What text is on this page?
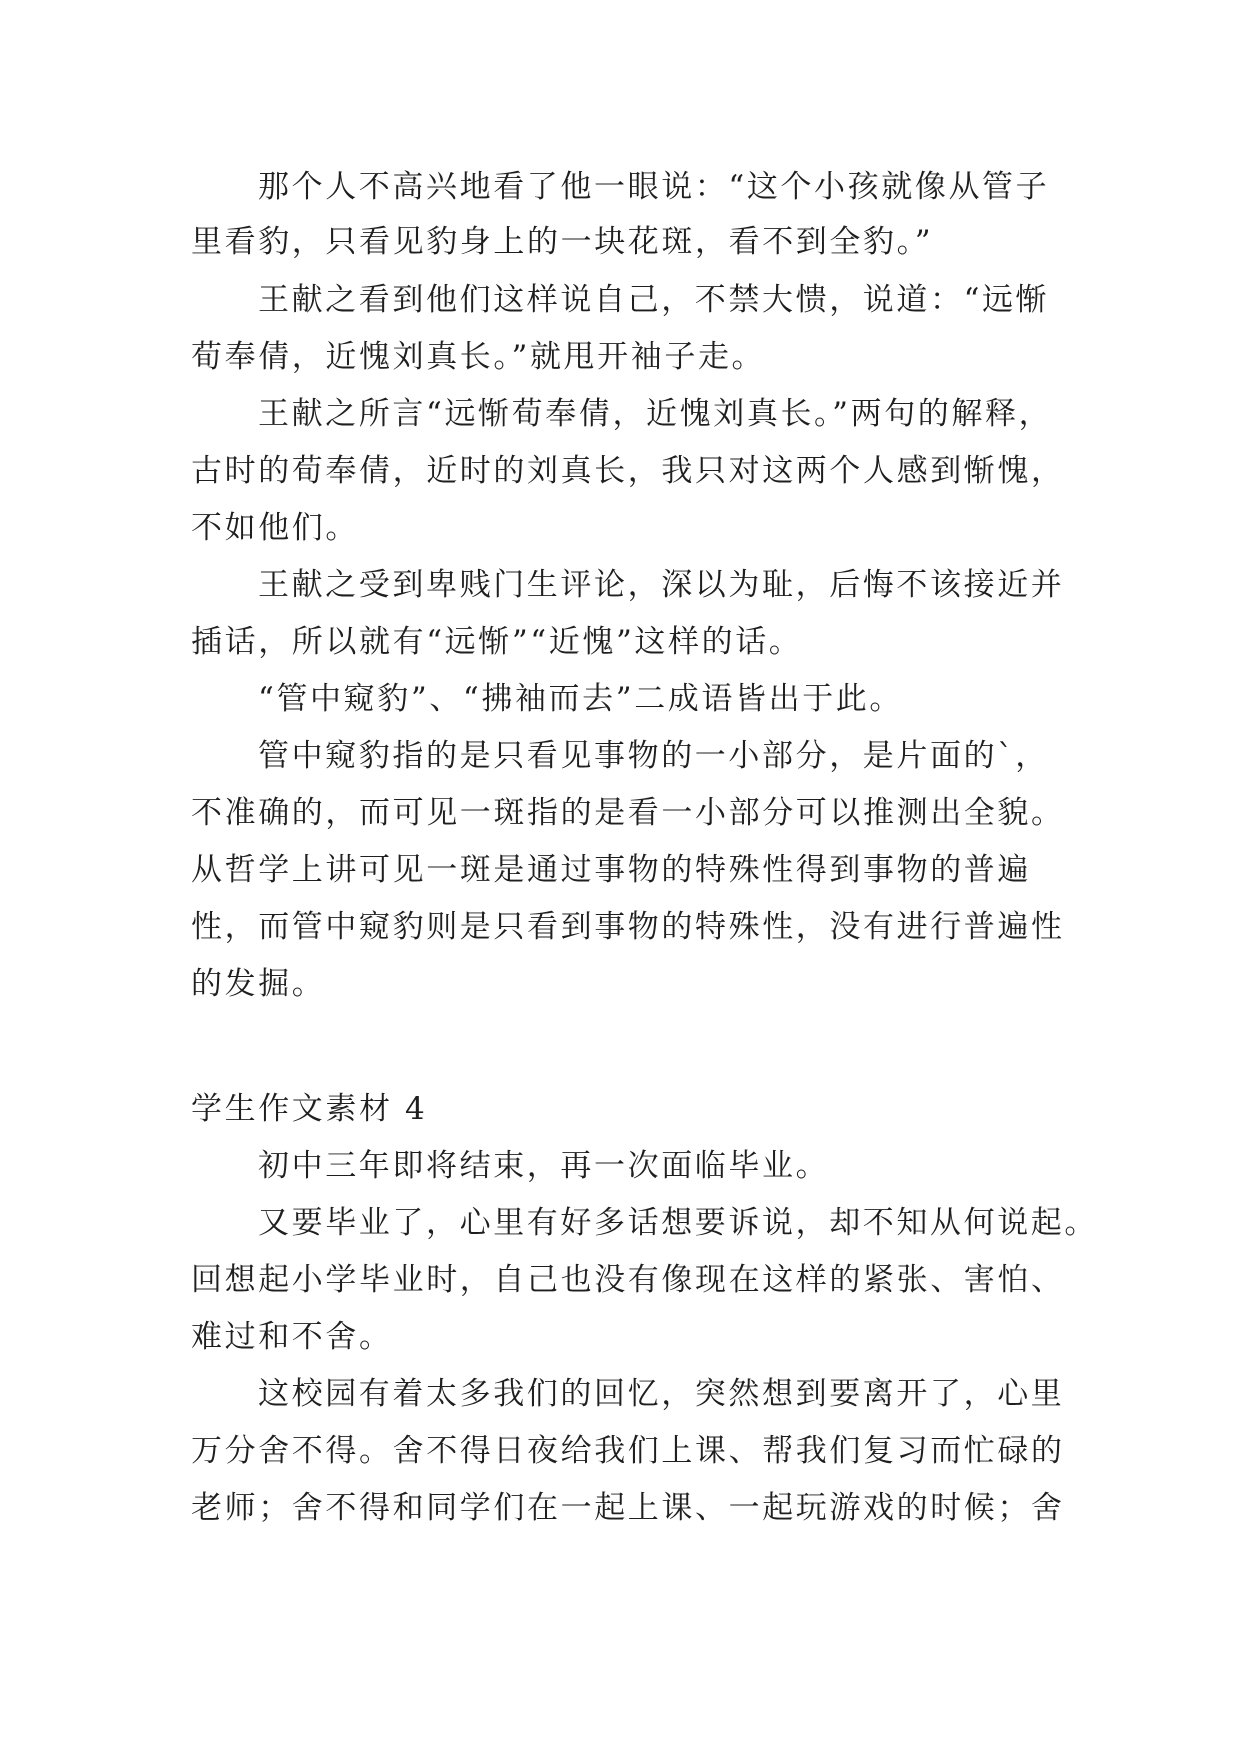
那个人不高兴地看了他一眼说：“这个小孩就像从管子
里看豹，只看见豹身上的一块花斑，看不到全豹。”
王献之看到他们这样说自己，不禁大愦，说道：“远惭
荀奉倩，近愧刘真长。”就甩开袖子走。
王献之所言“远惭荀奉倩，近愧刘真长。”两句的解释，
古时的荀奉倩，近时的刘真长，我只对这两个人感到惭愧，
不如他们。
王献之受到卑贱门生评论，深以为耻，后悔不该接近并
插话，所以就有“远惭”“近愧”这样的话。
“管中窥豹”、“拂袖而去”二成语皆出于此。
管中窥豹指的是只看见事物的一小部分，是片面的`，
不准确的，而可见一斑指的是看一小部分可以推测出全貌。
从哲学上讲可见一斑是通过事物的特殊性得到事物的普遍
性，而管中窥豹则是只看到事物的特殊性，没有进行普遍性
的发掘。
学生作文素材 4
初中三年即将结束，再一次面临毕业。
又要毕业了，心里有好多话想要诉说，却不知从何说起。
回想起小学毕业时，自己也没有像现在这样的紧张、害怕、
难过和不舍。
这校园有着太多我们的回忆，突然想到要离开了，心里
万分舍不得。舍不得日夜给我们上课、帮我们复习而忙碌的
老师；舍不得和同学们在一起上课、一起玩游戏的时候；舍
